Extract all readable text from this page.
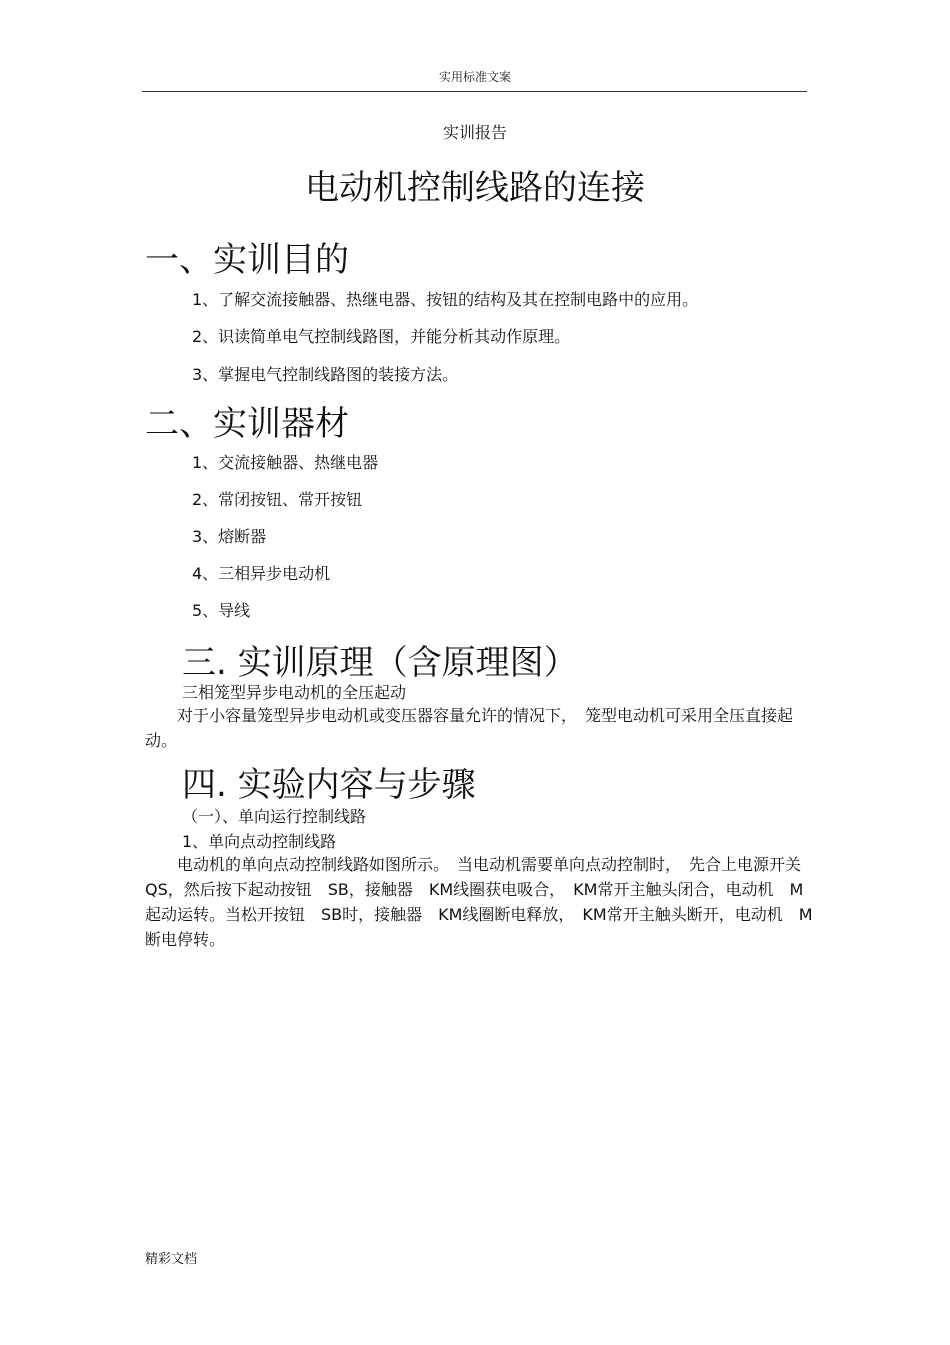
实用标准文案
实训报告
电动机控制线路的连接
一、实训目的
1、了解交流接触器、热继电器、按钮的结构及其在控制电路中的应用。
2、识读简单电气控制线路图，并能分析其动作原理。
3、掌握电气控制线路图的装接方法。
二、实训器材
1、交流接触器、热继电器
2、常闭按钮、常开按钮
3、熔断器
4、三相异步电动机
5、导线
三. 实训原理（含原理图）
三相笼型异步电动机的全压起动
　　对于小容量笼型异步电动机或变压器容量允许的情况下，　笼型电动机可采用全压直接起动。
四. 实验内容与步骤
（一）、单向运行控制线路
1、单向点动控制线路
　　电动机的单向点动控制线路如图所示。　当电动机需要单向点动控制时，　先合上电源开关　QS，然后按下起动按钮　SB，接触器　KM线圈获电吸合，　KM常开主触头闭合，电动机　M起动运转。当松开按钮　SB时，接触器　KM线圈断电释放，　KM常开主触头断开，电动机　M断电停转。
精彩文档
